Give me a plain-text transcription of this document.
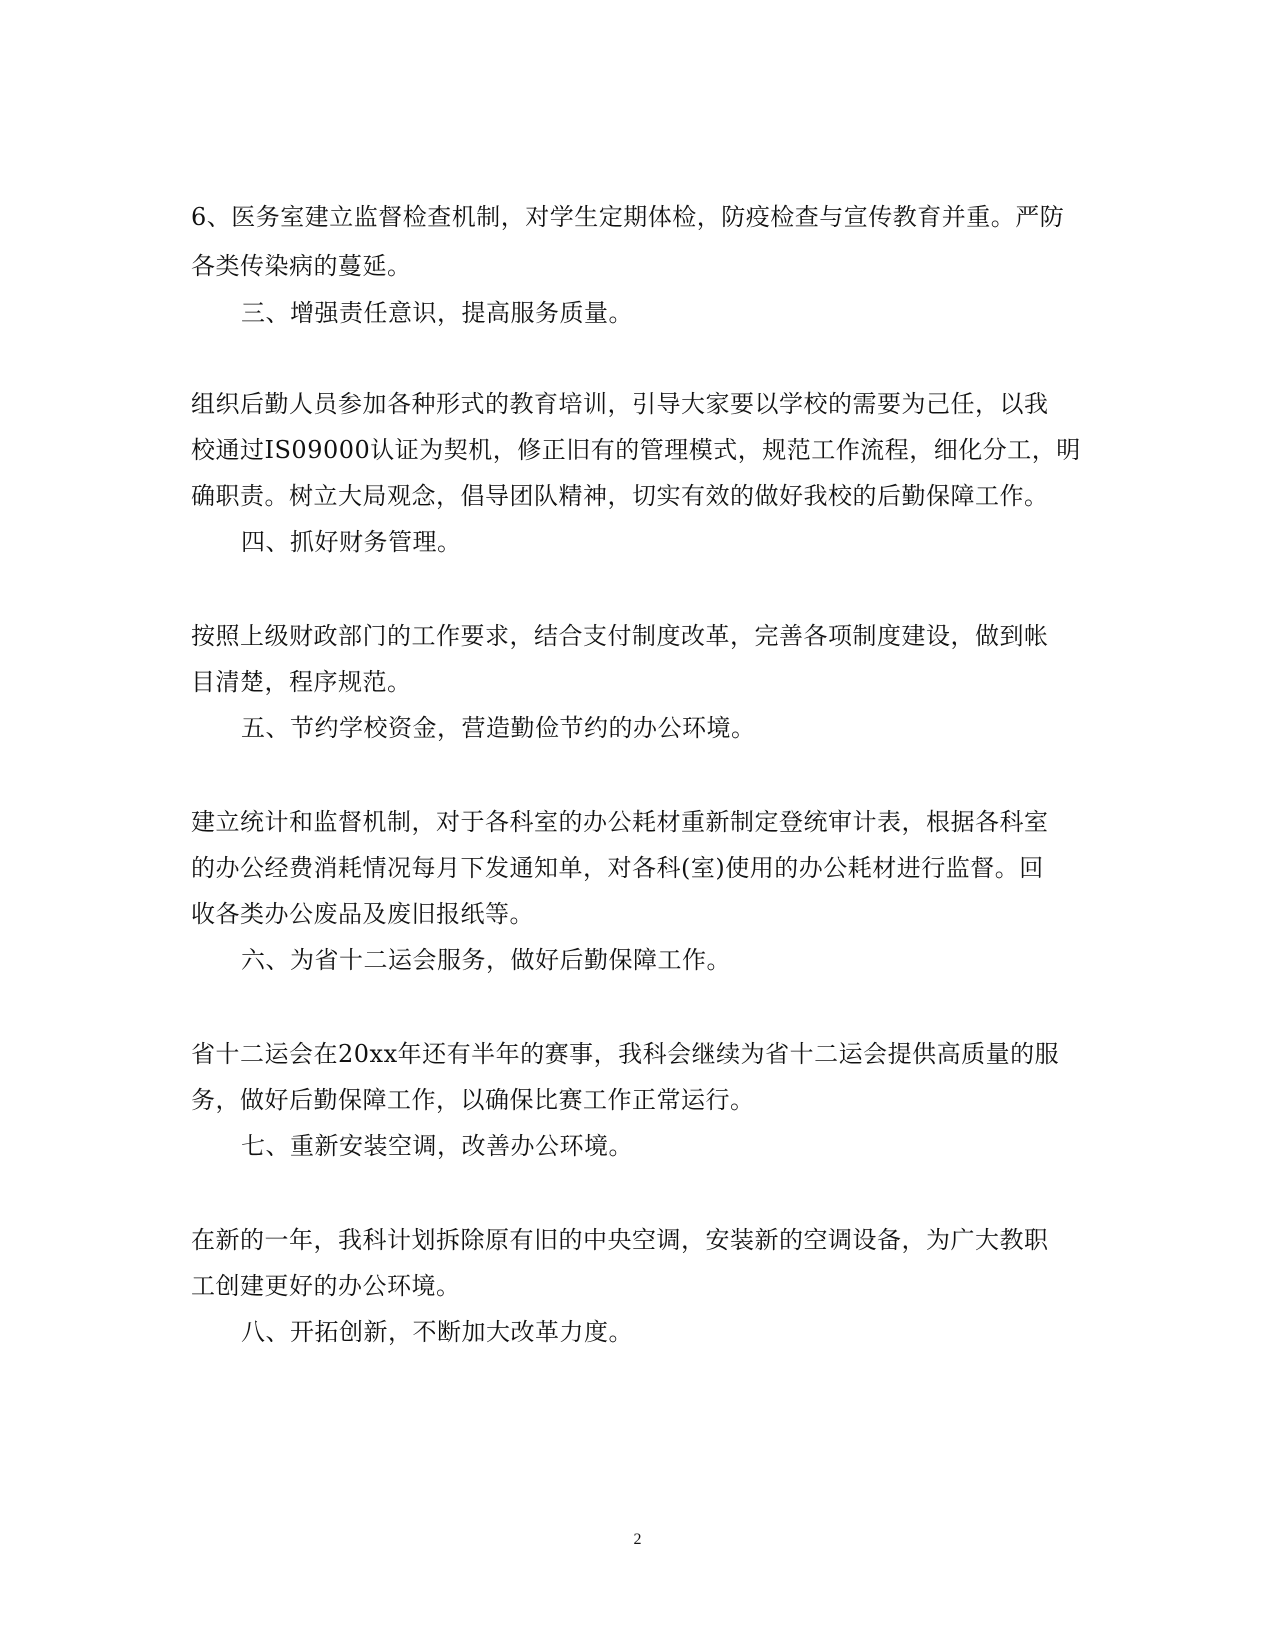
6、医务室建立监督检查机制，对学生定期体检，防疫检查与宣传教育并重。严防
各类传染病的蔓延。
三、增强责任意识，提高服务质量。
组织后勤人员参加各种形式的教育培训，引导大家要以学校的需要为己任，以我
校通过IS09000认证为契机，修正旧有的管理模式，规范工作流程，细化分工，明
确职责。树立大局观念，倡导团队精神，切实有效的做好我校的后勤保障工作。
四、抓好财务管理。
按照上级财政部门的工作要求，结合支付制度改革，完善各项制度建设，做到帐
目清楚，程序规范。
五、节约学校资金，营造勤俭节约的办公环境。
建立统计和监督机制，对于各科室的办公耗材重新制定登统审计表，根据各科室
的办公经费消耗情况每月下发通知单，对各科(室)使用的办公耗材进行监督。回
收各类办公废品及废旧报纸等。
六、为省十二运会服务，做好后勤保障工作。
省十二运会在20xx年还有半年的赛事，我科会继续为省十二运会提供高质量的服
务，做好后勤保障工作，以确保比赛工作正常运行。
七、重新安装空调，改善办公环境。
在新的一年，我科计划拆除原有旧的中央空调，安装新的空调设备，为广大教职
工创建更好的办公环境。
八、开拓创新，不断加大改革力度。
2
